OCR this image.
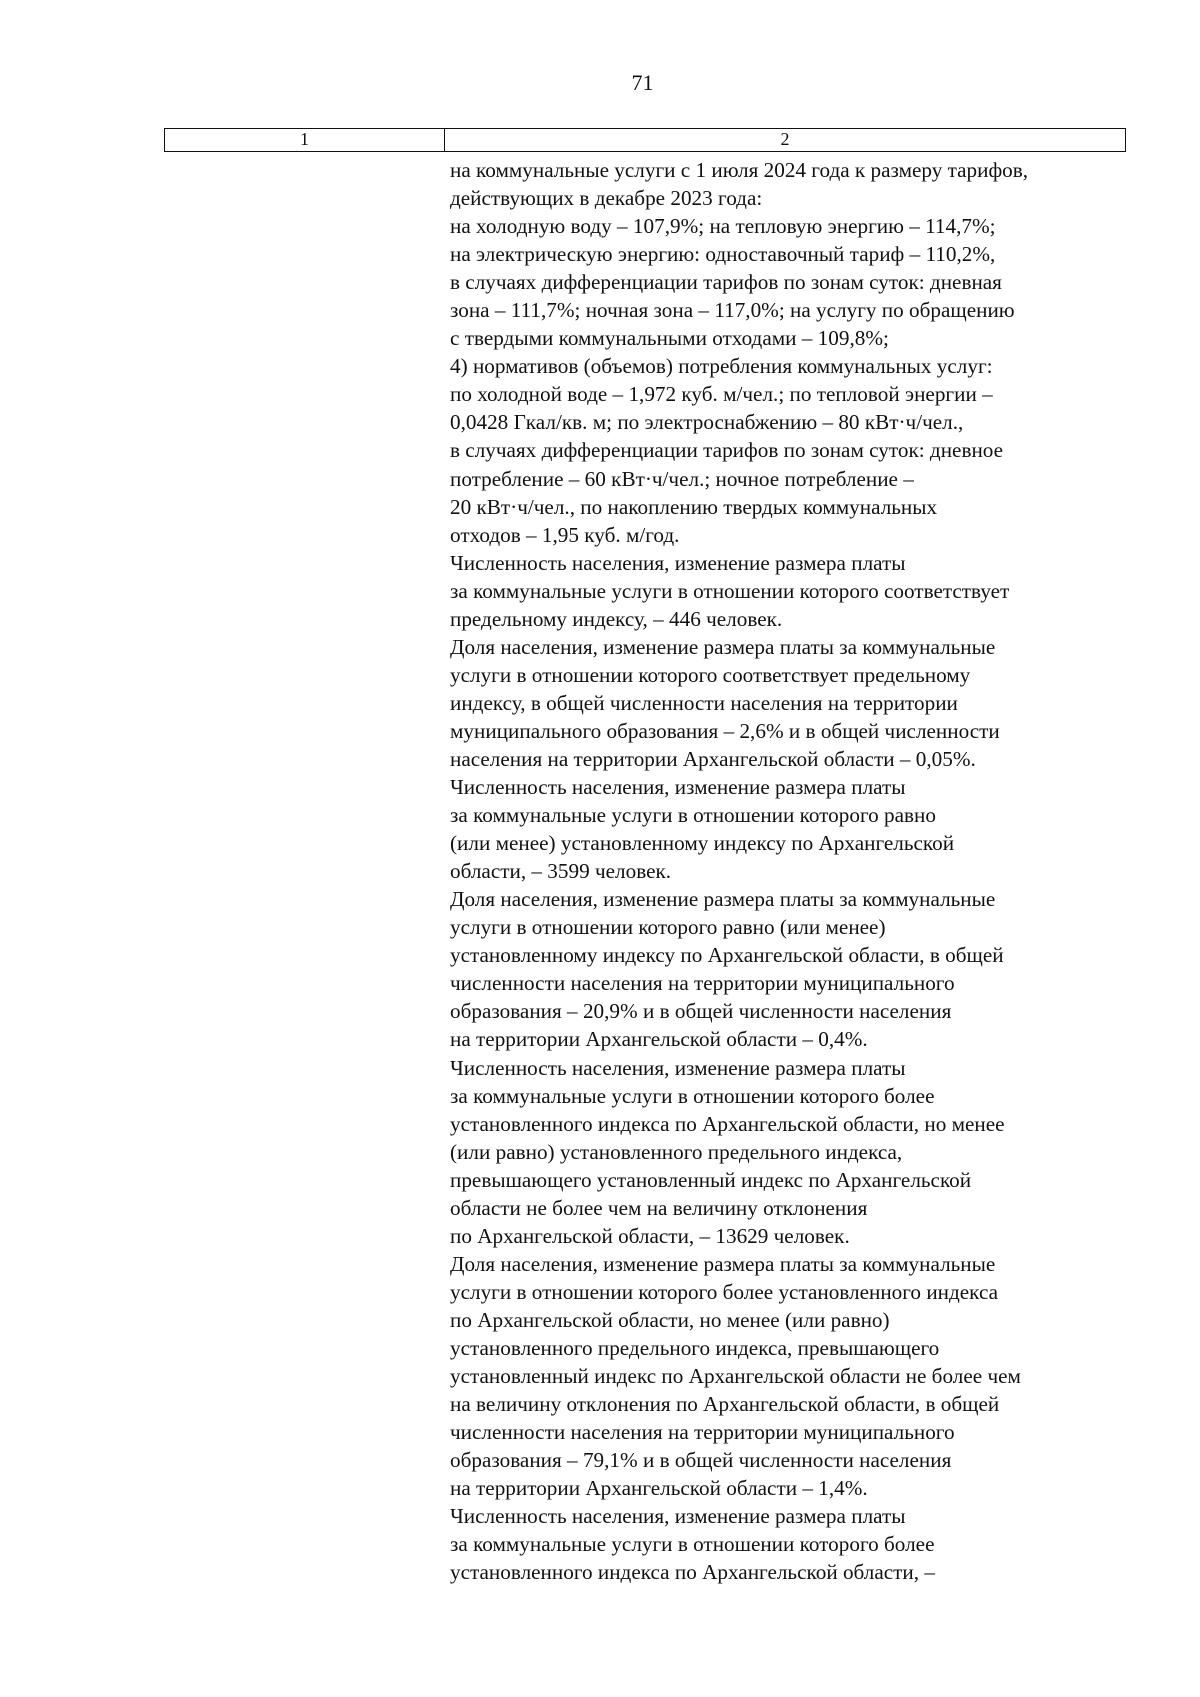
71
1	2
на коммунальные услуги с 1 июля 2024 года к размеру тарифов,
действующих в декабре 2023 года:
на холодную воду – 107,9%; на тепловую энергию – 114,7%;
на электрическую энергию: одноставочный тариф – 110,2%,
в случаях дифференциации тарифов по зонам суток: дневная
зона – 111,7%; ночная зона – 117,0%; на услугу по обращению
с твердыми коммунальными отходами – 109,8%;
4) нормативов (объемов) потребления коммунальных услуг:
по холодной воде – 1,972 куб. м/чел.; по тепловой энергии –
0,0428 Гкал/кв. м; по электроснабжению – 80 кВт·ч/чел.,
в случаях дифференциации тарифов по зонам суток: дневное
потребление – 60 кВт·ч/чел.; ночное потребление –
20 кВт·ч/чел., по накоплению твердых коммунальных
отходов – 1,95 куб. м/год.
Численность населения, изменение размера платы
за коммунальные услуги в отношении которого соответствует
предельному индексу, – 446 человек.
Доля населения, изменение размера платы за коммунальные
услуги в отношении которого соответствует предельному
индексу, в общей численности населения на территории
муниципального образования – 2,6% и в общей численности
населения на территории Архангельской области – 0,05%.
Численность населения, изменение размера платы
за коммунальные услуги в отношении которого равно
(или менее) установленному индексу по Архангельской
области, – 3599 человек.
Доля населения, изменение размера платы за коммунальные
услуги в отношении которого равно (или менее)
установленному индексу по Архангельской области, в общей
численности населения на территории муниципального
образования – 20,9% и в общей численности населения
на территории Архангельской области – 0,4%.
Численность населения, изменение размера платы
за коммунальные услуги в отношении которого более
установленного индекса по Архангельской области, но менее
(или равно) установленного предельного индекса,
превышающего установленный индекс по Архангельской
области не более чем на величину отклонения
по Архангельской области, – 13629 человек.
Доля населения, изменение размера платы за коммунальные
услуги в отношении которого более установленного индекса
по Архангельской области, но менее (или равно)
установленного предельного индекса, превышающего
установленный индекс по Архангельской области не более чем
на величину отклонения по Архангельской области, в общей
численности населения на территории муниципального
образования – 79,1% и в общей численности населения
на территории Архангельской области – 1,4%.
Численность населения, изменение размера платы
за коммунальные услуги в отношении которого более
установленного индекса по Архангельской области, –
